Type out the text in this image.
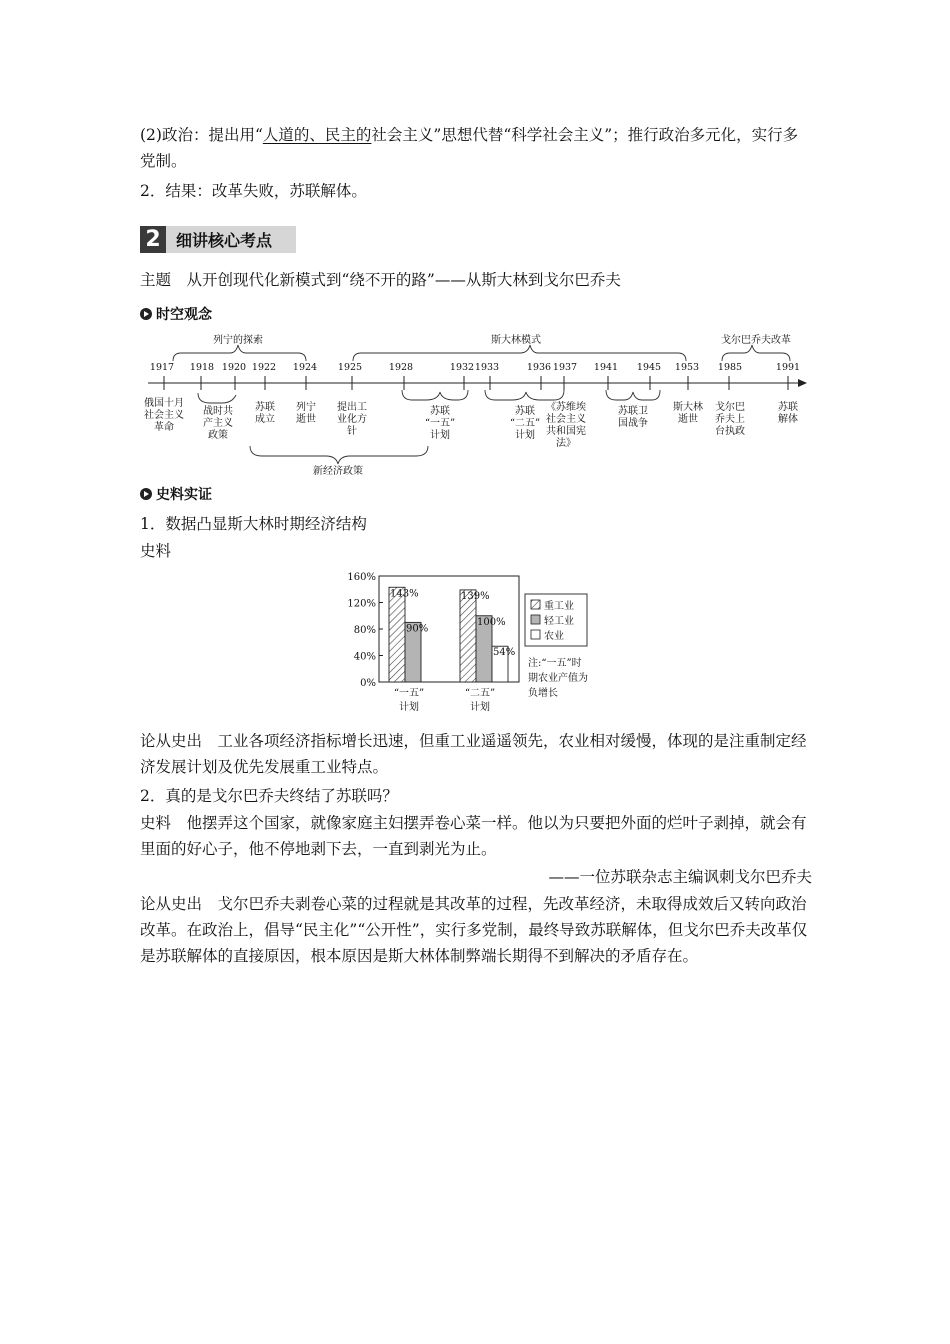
(2)政治：提出用“人道的、民主的社会主义”思想代替“科学社会主义”；推行政治多元化，实行多党制。
2．结果：改革失败，苏联解体。
2 细讲核心考点
主题　从开创现代化新模式到“绕不开的路”——从斯大林到戈尔巴乔夫
时空观念
列宁的探索	斯大林模式	戈尔巴乔夫改革
1917 1918 1920 1922 1924 1925	1928	1932 1933	1936 1937 1941 1945 1953 1985	1991
俄国十月
社会主义
革命
战时共
产主义
政策
苏联
成立
列宁
逝世
提出工
业化方
针
苏联
“一五”
计划
苏联
“二五”
计划
《苏维埃
社会主义
共和国宪
法》
苏联卫
国战争
斯大林
逝世
戈尔巴
乔夫上
台执政
苏联
解体
新经济政策
史料实证
1．数据凸显斯大林时期经济结构
史料
0%
40%
80%
120%
160%
143%
90%
“一五”
计划
139%
100%
54%
“二五”
计划
重工业
轻工业
农业
注:“一五”时
期农业产值为
负增长
论从史出　工业各项经济指标增长迅速，但重工业遥遥领先，农业相对缓慢，体现的是注重制定经济发展计划及优先发展重工业特点。
2．真的是戈尔巴乔夫终结了苏联吗？
史料　他摆弄这个国家，就像家庭主妇摆弄卷心菜一样。他以为只要把外面的烂叶子剥掉，就会有里面的好心子，他不停地剥下去，一直到剥光为止。
——一位苏联杂志主编讽刺戈尔巴乔夫
论从史出　戈尔巴乔夫剥卷心菜的过程就是其改革的过程，先改革经济，未取得成效后又转向政治改革。在政治上，倡导“民主化”“公开性”，实行多党制，最终导致苏联解体，但戈尔巴乔夫改革仅是苏联解体的直接原因，根本原因是斯大林体制弊端长期得不到解决的矛盾存在。
